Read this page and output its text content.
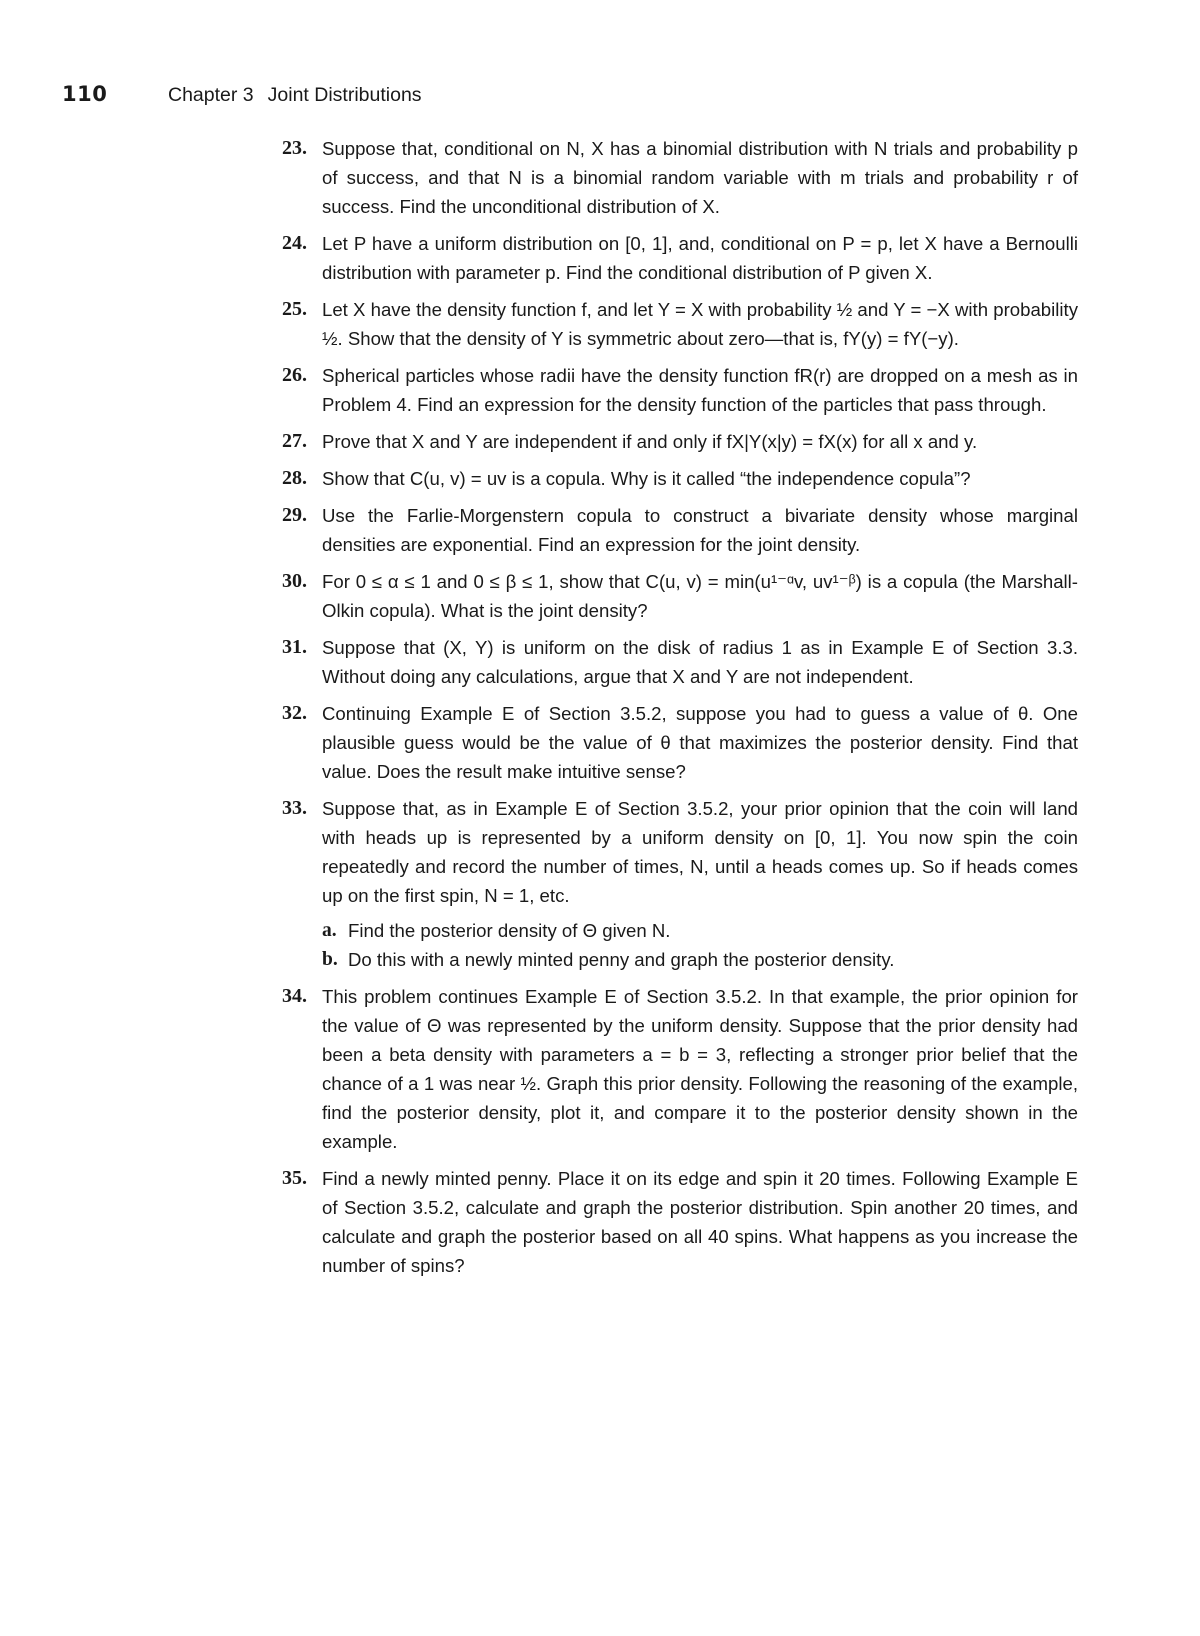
110	Chapter 3 Joint Distributions
23. Suppose that, conditional on N, X has a binomial distribution with N trials and probability p of success, and that N is a binomial random variable with m trials and probability r of success. Find the unconditional distribution of X.
24. Let P have a uniform distribution on [0, 1], and, conditional on P = p, let X have a Bernoulli distribution with parameter p. Find the conditional distribution of P given X.
25. Let X have the density function f, and let Y = X with probability ½ and Y = −X with probability ½. Show that the density of Y is symmetric about zero—that is, fY(y) = fY(−y).
26. Spherical particles whose radii have the density function fR(r) are dropped on a mesh as in Problem 4. Find an expression for the density function of the particles that pass through.
27. Prove that X and Y are independent if and only if fX|Y(x|y) = fX(x) for all x and y.
28. Show that C(u, v) = uv is a copula. Why is it called “the independence copula”?
29. Use the Farlie-Morgenstern copula to construct a bivariate density whose marginal densities are exponential. Find an expression for the joint density.
30. For 0 ≤ α ≤ 1 and 0 ≤ β ≤ 1, show that C(u, v) = min(u¹⁻ᵅv, uv¹⁻ᵝ) is a copula (the Marshall-Olkin copula). What is the joint density?
31. Suppose that (X, Y) is uniform on the disk of radius 1 as in Example E of Section 3.3. Without doing any calculations, argue that X and Y are not independent.
32. Continuing Example E of Section 3.5.2, suppose you had to guess a value of θ. One plausible guess would be the value of θ that maximizes the posterior density. Find that value. Does the result make intuitive sense?
33. Suppose that, as in Example E of Section 3.5.2, your prior opinion that the coin will land with heads up is represented by a uniform density on [0, 1]. You now spin the coin repeatedly and record the number of times, N, until a heads comes up. So if heads comes up on the first spin, N = 1, etc.
a. Find the posterior density of Θ given N.
b. Do this with a newly minted penny and graph the posterior density.
34. This problem continues Example E of Section 3.5.2. In that example, the prior opinion for the value of Θ was represented by the uniform density. Suppose that the prior density had been a beta density with parameters a = b = 3, reflecting a stronger prior belief that the chance of a 1 was near ½. Graph this prior density. Following the reasoning of the example, find the posterior density, plot it, and compare it to the posterior density shown in the example.
35. Find a newly minted penny. Place it on its edge and spin it 20 times. Following Example E of Section 3.5.2, calculate and graph the posterior distribution. Spin another 20 times, and calculate and graph the posterior based on all 40 spins. What happens as you increase the number of spins?
